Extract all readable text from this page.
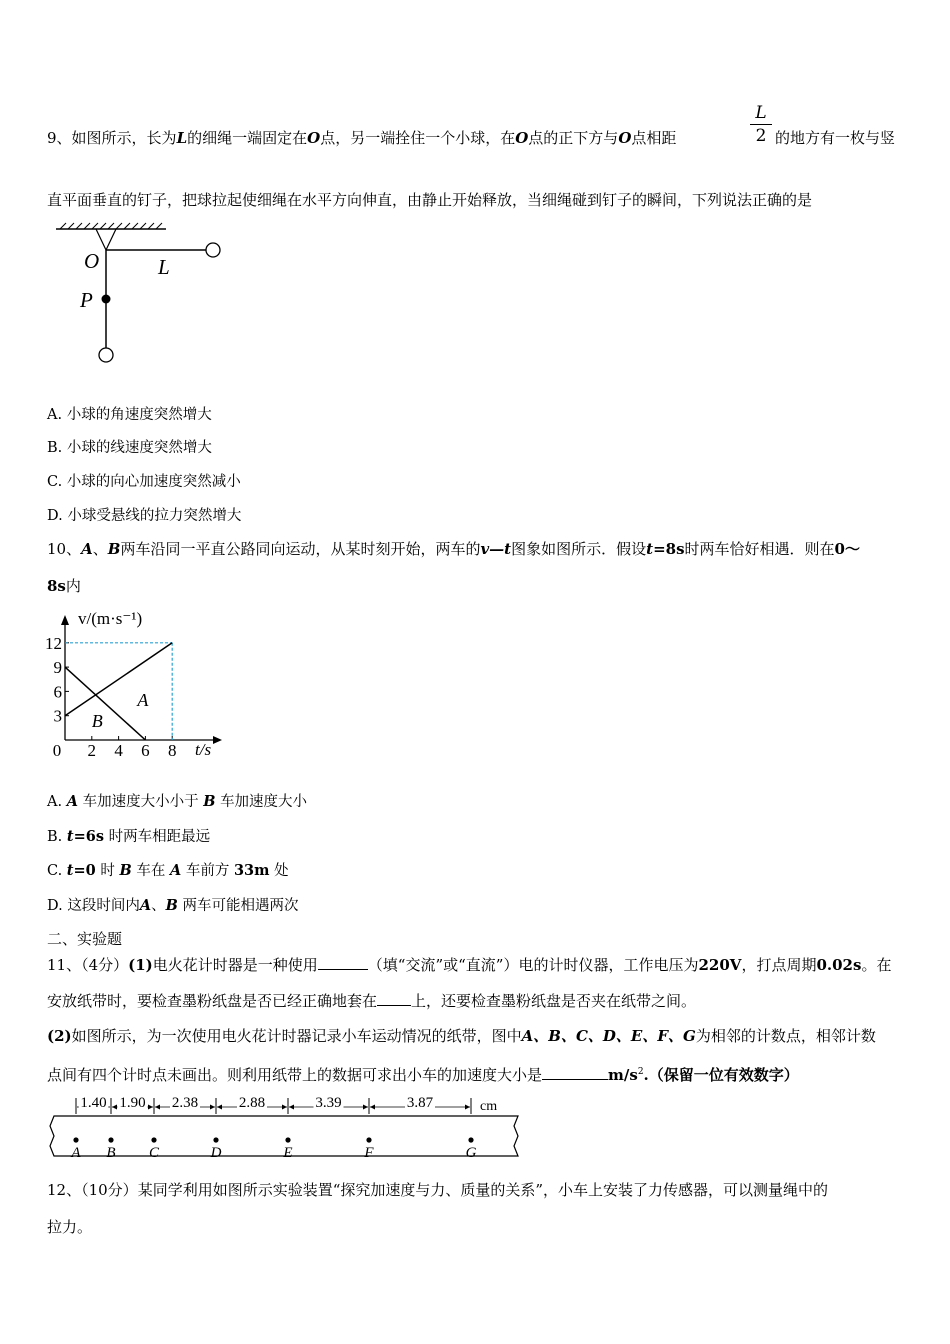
9、如图所示，长为L的细绳一端固定在O点，另一端拴住一个小球，在O点的正下方与O点相距
L
2 的地方有一枚与竖
直平面垂直的钉子，把球拉起使细绳在水平方向伸直，由静止开始释放，当细绳碰到钉子的瞬间，下列说法正确的是
O	L
P
A. 小球的角速度突然增大
B. 小球的线速度突然增大
C. 小球的向心加速度突然减小
D. 小球受悬线的拉力突然增大
10、A、B两车沿同一平直公路同向运动，从某时刻开始，两车的v—t图象如图所示．假设t=8s时两车恰好相遇．则在0～
8s内
v/(m·s⁻¹)
t/s
0 2 4 6 8
3
6
9
12
A
B
A. A 车加速度大小小于 B 车加速度大小
B. t=6s 时两车相距最远
C. t=0 时 B 车在 A 车前方 33m 处
D. 这段时间内A、B 两车可能相遇两次
二、实验题
11、（4分）(1)电火花计时器是一种使用	（填“交流”或“直流”）电的计时仪器，工作电压为220V，打点周期0.02s。在
安放纸带时，要检查墨粉纸盘是否已经正确地套在 上，还要检查墨粉纸盘是否夹在纸带之间。
(2)如图所示，为一次使用电火花计时器记录小车运动情况的纸带，图中A、B、C、D、E、F、G为相邻的计数点，相邻计数
点间有四个计时点未画出。则利用纸带上的数据可求出小车的加速度大小是	$m/s^2$.（保留一位有效数字）
A B C	D	E	F	G
1.40 1.90 2.38	2.88	3.39	3.87	cm
12、（10分）某同学利用如图所示实验装置“探究加速度与力、质量的关系”，小车上安装了力传感器，可以测量绳中的
拉力。
